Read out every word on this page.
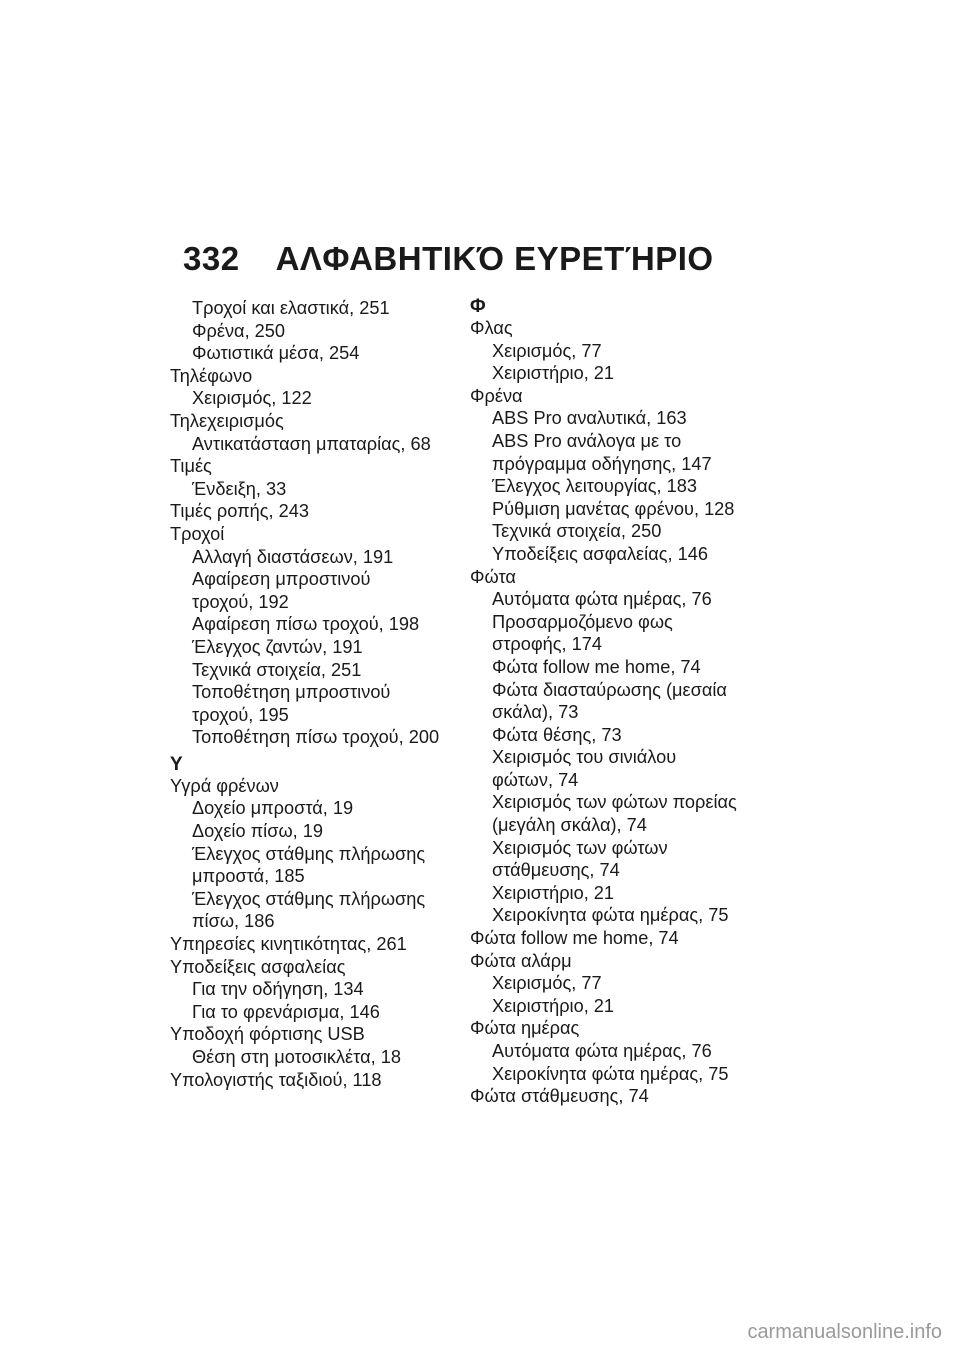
332 ΑΛΦΑΒΗΤΙΚΌ ΕΥΡΕΤΉΡΙΟ
Τροχοί και ελαστικά, 251
Φρένα, 250
Φωτιστικά μέσα, 254
Τηλέφωνο
Χειρισμός, 122
Τηλεχειρισμός
Αντικατάσταση μπαταρίας, 68
Τιμές
Ένδειξη, 33
Τιμές ροπής, 243
Τροχοί
Αλλαγή διαστάσεων, 191
Αφαίρεση μπροστινού
τροχού, 192
Αφαίρεση πίσω τροχού, 198
Έλεγχος ζαντών, 191
Τεχνικά στοιχεία, 251
Τοποθέτηση μπροστινού
τροχού, 195
Τοποθέτηση πίσω τροχού, 200
Υ
Υγρά φρένων
Δοχείο μπροστά, 19
Δοχείο πίσω, 19
Έλεγχος στάθμης πλήρωσης
μπροστά, 185
Έλεγχος στάθμης πλήρωσης
πίσω, 186
Υπηρεσίες κινητικότητας, 261
Υποδείξεις ασφαλείας
Για την οδήγηση, 134
Για το φρενάρισμα, 146
Υποδοχή φόρτισης USB
Θέση στη μοτοσικλέτα, 18
Υπολογιστής ταξιδιού, 118
Φ
Φλας
Χειρισμός, 77
Χειριστήριο, 21
Φρένα
ABS Pro αναλυτικά, 163
ABS Pro ανάλογα με το
πρόγραμμα οδήγησης, 147
Έλεγχος λειτουργίας, 183
Ρύθμιση μανέτας φρένου, 128
Τεχνικά στοιχεία, 250
Υποδείξεις ασφαλείας, 146
Φώτα
Αυτόματα φώτα ημέρας, 76
Προσαρμοζόμενο φως
στροφής, 174
Φώτα follow me home, 74
Φώτα διασταύρωσης (μεσαία
σκάλα), 73
Φώτα θέσης, 73
Χειρισμός του σινιάλου
φώτων, 74
Χειρισμός των φώτων πορείας
(μεγάλη σκάλα), 74
Χειρισμός των φώτων
στάθμευσης, 74
Χειριστήριο, 21
Χειροκίνητα φώτα ημέρας, 75
Φώτα follow me home, 74
Φώτα αλάρμ
Χειρισμός, 77
Χειριστήριο, 21
Φώτα ημέρας
Αυτόματα φώτα ημέρας, 76
Χειροκίνητα φώτα ημέρας, 75
Φώτα στάθμευσης, 74
carmanualsonline.info
